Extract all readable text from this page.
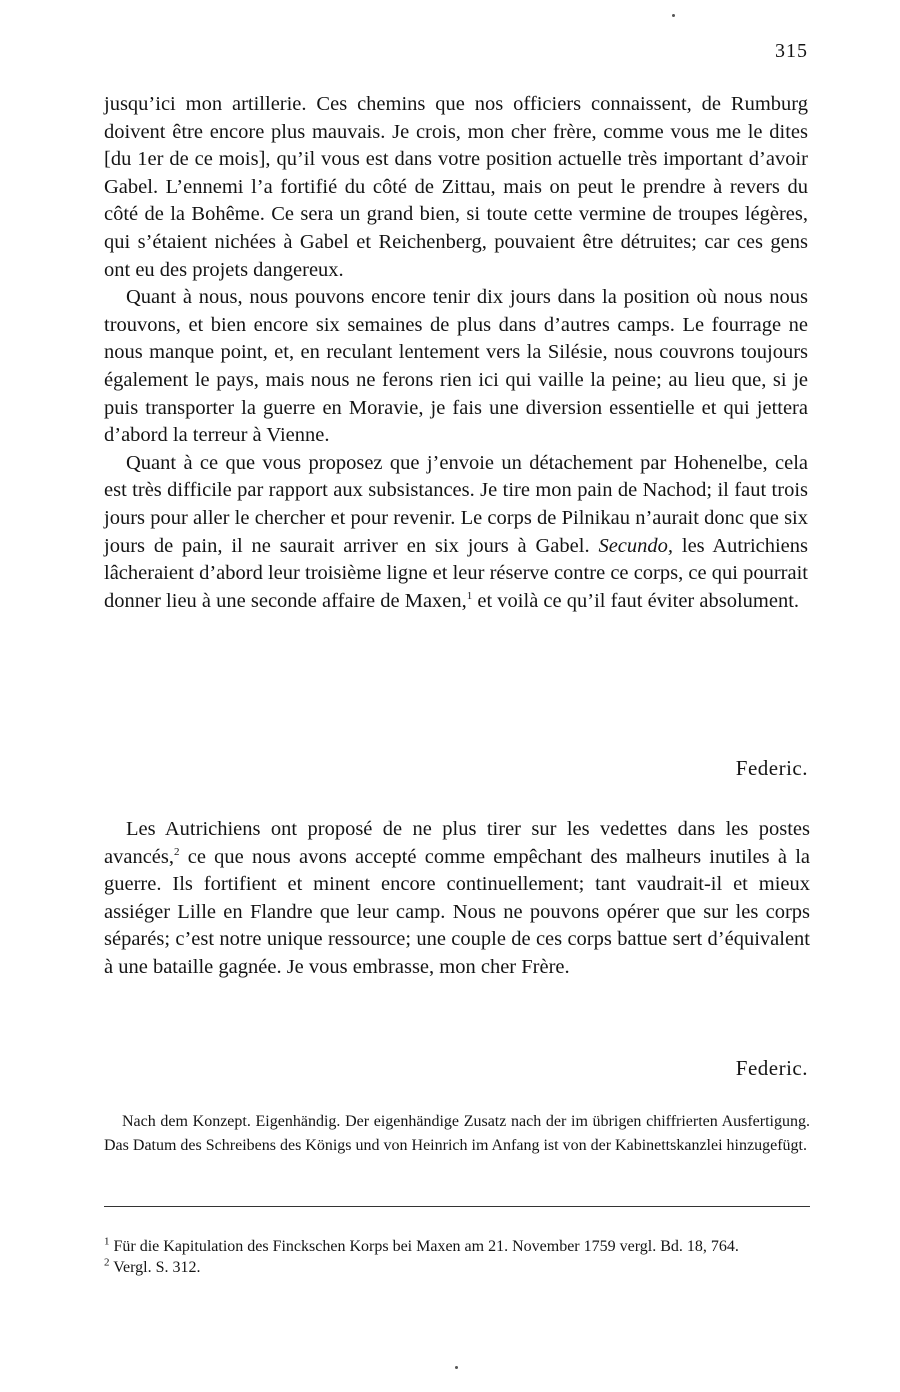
315

jusqu’ici mon artillerie. Ces chemins que nos officiers connaissent, de Rumburg doivent être encore plus mauvais. Je crois, mon cher frère, comme vous me le dites [du 1er de ce mois], qu’il vous est dans votre position actuelle très important d’avoir Gabel. L’ennemi l’a fortifié du côté de Zittau, mais on peut le prendre à revers du côté de la Bohême. Ce sera un grand bien, si toute cette vermine de troupes légères, qui s’étaient nichées à Gabel et Reichenberg, pouvaient être détruites; car ces gens ont eu des projets dangereux.

Quant à nous, nous pouvons encore tenir dix jours dans la position où nous nous trouvons, et bien encore six semaines de plus dans d’autres camps. Le fourrage ne nous manque point, et, en reculant lentement vers la Silésie, nous couvrons toujours également le pays, mais nous ne ferons rien ici qui vaille la peine; au lieu que, si je puis transporter la guerre en Moravie, je fais une diversion essentielle et qui jettera d’abord la terreur à Vienne.

Quant à ce que vous proposez que j’envoie un détachement par Hohenelbe, cela est très difficile par rapport aux subsistances. Je tire mon pain de Nachod; il faut trois jours pour aller le chercher et pour revenir. Le corps de Pilnikau n’aurait donc que six jours de pain, il ne saurait arriver en six jours à Gabel. Secundo, les Autrichiens lâcheraient d’abord leur troisième ligne et leur réserve contre ce corps, ce qui pourrait donner lieu à une seconde affaire de Maxen,$^1$ et voilà ce qu’il faut éviter absolument.

Federic.

Les Autrichiens ont proposé de ne plus tirer sur les vedettes dans les postes avancés,$^2$ ce que nous avons accepté comme empêchant des malheurs inutiles à la guerre. Ils fortifient et minent encore continuellement; tant vaudrait-il et mieux assiéger Lille en Flandre que leur camp. Nous ne pouvons opérer que sur les corps séparés; c’est notre unique ressource; une couple de ces corps battue sert d’équivalent à une bataille gagnée. Je vous embrasse, mon cher Frère.

Federic.

Nach dem Konzept. Eigenhändig. Der eigenhändige Zusatz nach der im übrigen chiffrierten Ausfertigung. Das Datum des Schreibens des Königs und von Heinrich im Anfang ist von der Kabinettskanzlei hinzugefügt.

$^1$ Für die Kapitulation des Finckschen Korps bei Maxen am 21. November 1759 vergl. Bd. 18, 764.

$^2$ Vergl. S. 312.
